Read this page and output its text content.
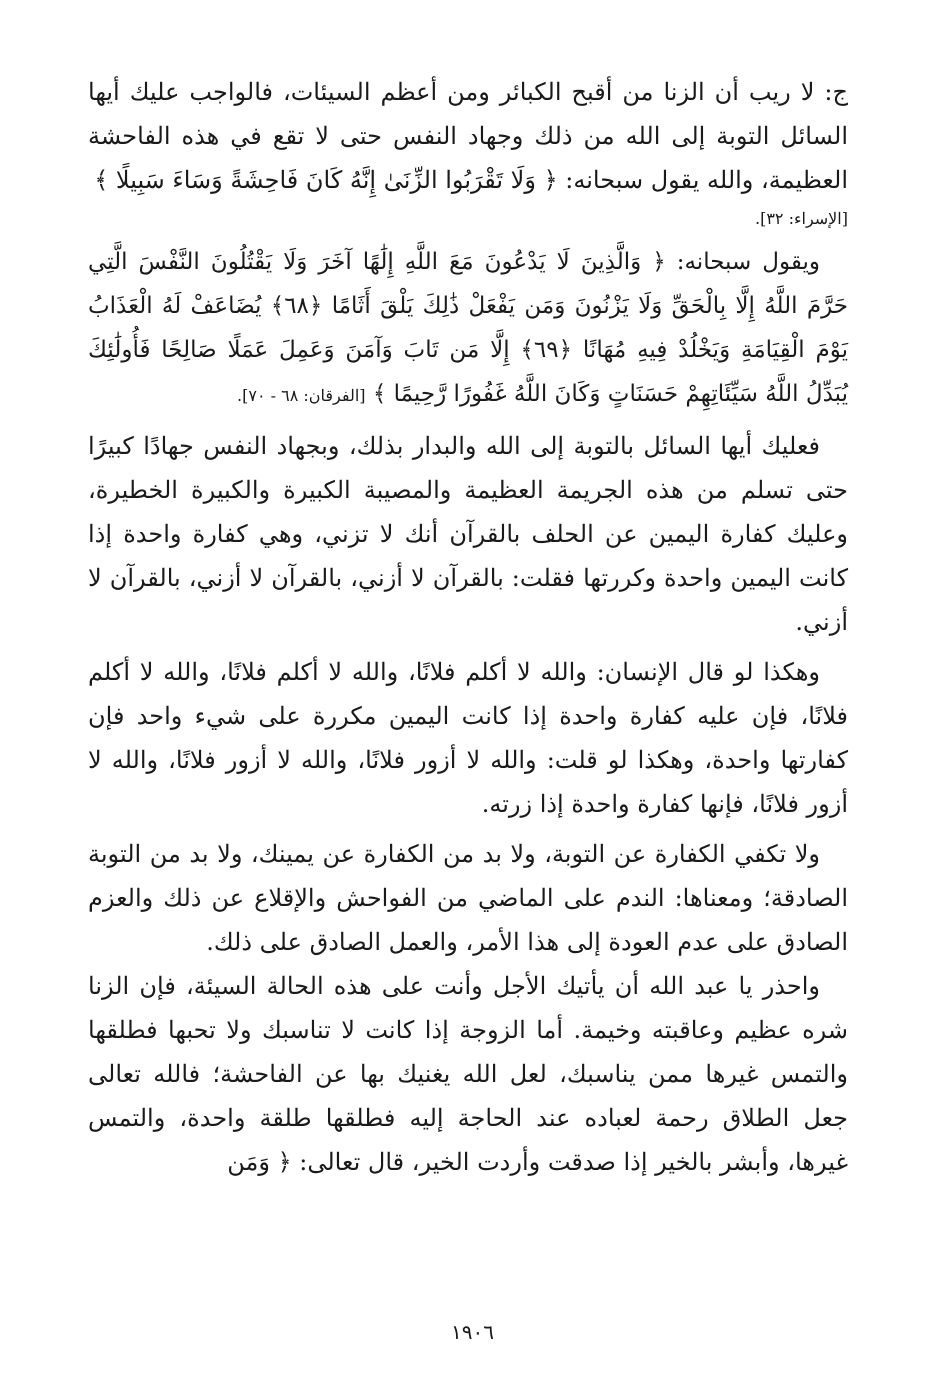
ج: لا ريب أن الزنا من أقبح الكبائر ومن أعظم السيئات، فالواجب عليك أيها السائل التوبة إلى الله من ذلك وجهاد النفس حتى لا تقع في هذه الفاحشة العظيمة، والله يقول سبحانه: ﴿ وَلَا تَقْرَبُوا الزِّنَىٰ إِنَّهُ كَانَ فَاحِشَةً وَسَاءَ سَبِيلًا ﴾

[الإسراء: ٣٢].

ويقول سبحانه: ﴿ وَالَّذِينَ لَا يَدْعُونَ مَعَ اللَّهِ إِلَٰهًا آخَرَ وَلَا يَقْتُلُونَ النَّفْسَ الَّتِي حَرَّمَ اللَّهُ إِلَّا بِالْحَقِّ وَلَا يَزْنُونَ وَمَن يَفْعَلْ ذَٰلِكَ يَلْقَ أَثَامًا ﴿٦٨﴾ يُضَاعَفْ لَهُ الْعَذَابُ يَوْمَ الْقِيَامَةِ وَيَخْلُدْ فِيهِ مُهَانًا ﴿٦٩﴾ إِلَّا مَن تَابَ وَآمَنَ وَعَمِلَ عَمَلًا صَالِحًا فَأُولَٰئِكَ يُبَدِّلُ اللَّهُ سَيِّئَاتِهِمْ حَسَنَاتٍ وَكَانَ اللَّهُ غَفُورًا رَّحِيمًا ﴾ [الفرقان: ٦٨ - ٧٠].

فعليك أيها السائل بالتوبة إلى الله والبدار بذلك، وبجهاد النفس جهادًا كبيرًا حتى تسلم من هذه الجريمة العظيمة والمصيبة الكبيرة والكبيرة الخطيرة، وعليك كفارة اليمين عن الحلف بالقرآن أنك لا تزني، وهي كفارة واحدة إذا كانت اليمين واحدة وكررتها فقلت: بالقرآن لا أزني، بالقرآن لا أزني، بالقرآن لا أزني.

وهكذا لو قال الإنسان: والله لا أكلم فلانًا، والله لا أكلم فلانًا، والله لا أكلم فلانًا، فإن عليه كفارة واحدة إذا كانت اليمين مكررة على شيء واحد فإن كفارتها واحدة، وهكذا لو قلت: والله لا أزور فلانًا، والله لا أزور فلانًا، والله لا أزور فلانًا، فإنها كفارة واحدة إذا زرته.

ولا تكفي الكفارة عن التوبة، ولا بد من الكفارة عن يمينك، ولا بد من التوبة الصادقة؛ ومعناها: الندم على الماضي من الفواحش والإقلاع عن ذلك والعزم الصادق على عدم العودة إلى هذا الأمر، والعمل الصادق على ذلك.

واحذر يا عبد الله أن يأتيك الأجل وأنت على هذه الحالة السيئة، فإن الزنا شره عظيم وعاقبته وخيمة. أما الزوجة إذا كانت لا تناسبك ولا تحبها فطلقها والتمس غيرها ممن يناسبك، لعل الله يغنيك بها عن الفاحشة؛ فالله تعالى جعل الطلاق رحمة لعباده عند الحاجة إليه فطلقها طلقة واحدة، والتمس غيرها، وأبشر بالخير إذا صدقت وأردت الخير، قال تعالى: ﴿ وَمَن

١٩٠٦
